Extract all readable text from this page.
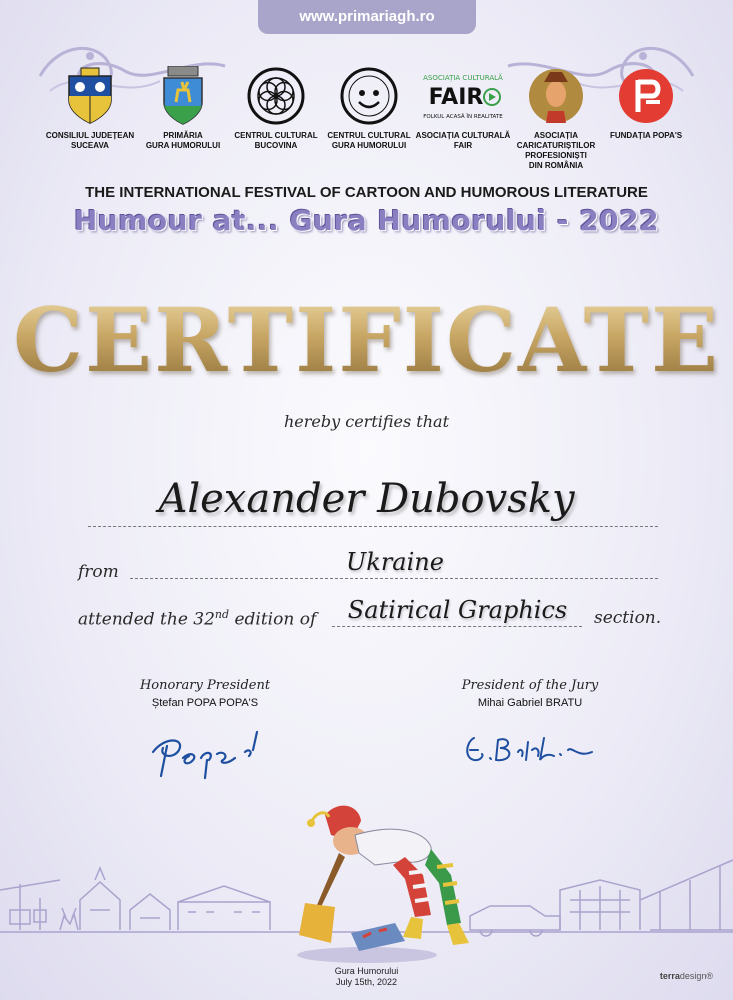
www.primariagh.ro
CONSILIUL JUDEȚEAN
SUCEAVA
PRIMĂRIA
GURA HUMORULUI
CENTRUL CULTURAL
BUCOVINA
CENTRUL CULTURAL
GURA HUMORULUI
ASOCIAȚIA CULTURALĂ
FAIR
FOLKUL ACASĂ ÎN REALITATE
ASOCIAȚIA CULTURALĂ
FAIR
ASOCIAȚIA
CARICATURIȘTILOR
PROFESIONIȘTI
DIN ROMÂNIA
FUNDAȚIA POPA'S
THE INTERNATIONAL FESTIVAL OF CARTOON AND HUMOROUS LITERATURE
Humour at... Gura Humorului - 2022
CERTIFICATE
hereby certifies that
Alexander Dubovsky
from	Ukraine
attended the 32nd edition of	Satirical Graphics	section.
Honorary President
Ștefan POPA POPA'S
President of the Jury
Mihai Gabriel BRATU
Gura Humorului
July 15th, 2022
terradesign®
